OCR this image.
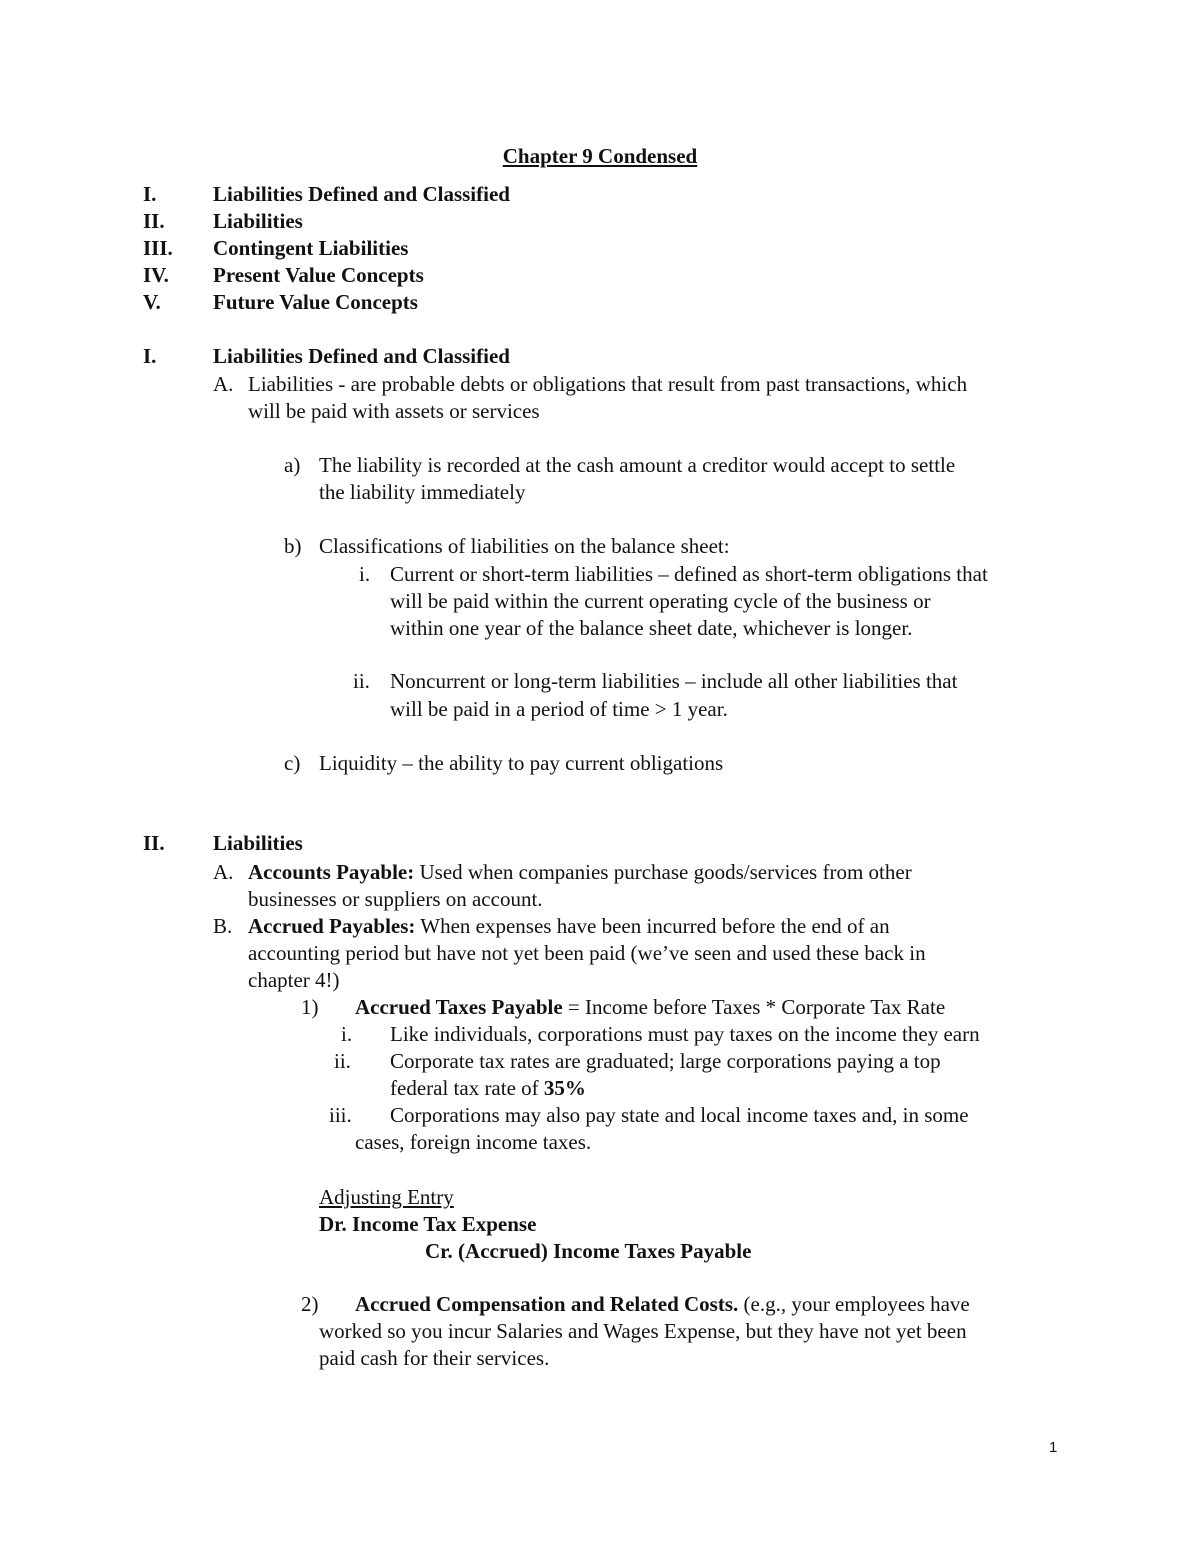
Chapter 9 Condensed
I.	Liabilities Defined and Classified
II. Liabilities
III. Contingent Liabilities
IV. Present Value Concepts
V. Future Value Concepts
I.	Liabilities Defined and Classified
A. Liabilities - are probable debts or obligations that result from past transactions, which
will be paid with assets or services
a) The liability is recorded at the cash amount a creditor would accept to settle
the liability immediately
b) Classifications of liabilities on the balance sheet:
i. Current or short-term liabilities – defined as short-term obligations that
will be paid within the current operating cycle of the business or
within one year of the balance sheet date, whichever is longer.
ii. Noncurrent or long-term liabilities – include all other liabilities that
will be paid in a period of time > 1 year.
c) Liquidity – the ability to pay current obligations
II. Liabilities
A. Accounts Payable: Used when companies purchase goods/services from other
businesses or suppliers on account.
B. Accrued Payables: When expenses have been incurred before the end of an
accounting period but have not yet been paid (we’ve seen and used these back in
chapter 4!)
1) Accrued Taxes Payable = Income before Taxes * Corporate Tax Rate
i. Like individuals, corporations must pay taxes on the income they earn
ii. Corporate tax rates are graduated; large corporations paying a top
federal tax rate of 35%
iii. Corporations may also pay state and local income taxes and, in some
cases, foreign income taxes.
Adjusting Entry
Dr. Income Tax Expense
Cr. (Accrued) Income Taxes Payable
2) Accrued Compensation and Related Costs. (e.g., your employees have
worked so you incur Salaries and Wages Expense, but they have not yet been
paid cash for their services.
1
